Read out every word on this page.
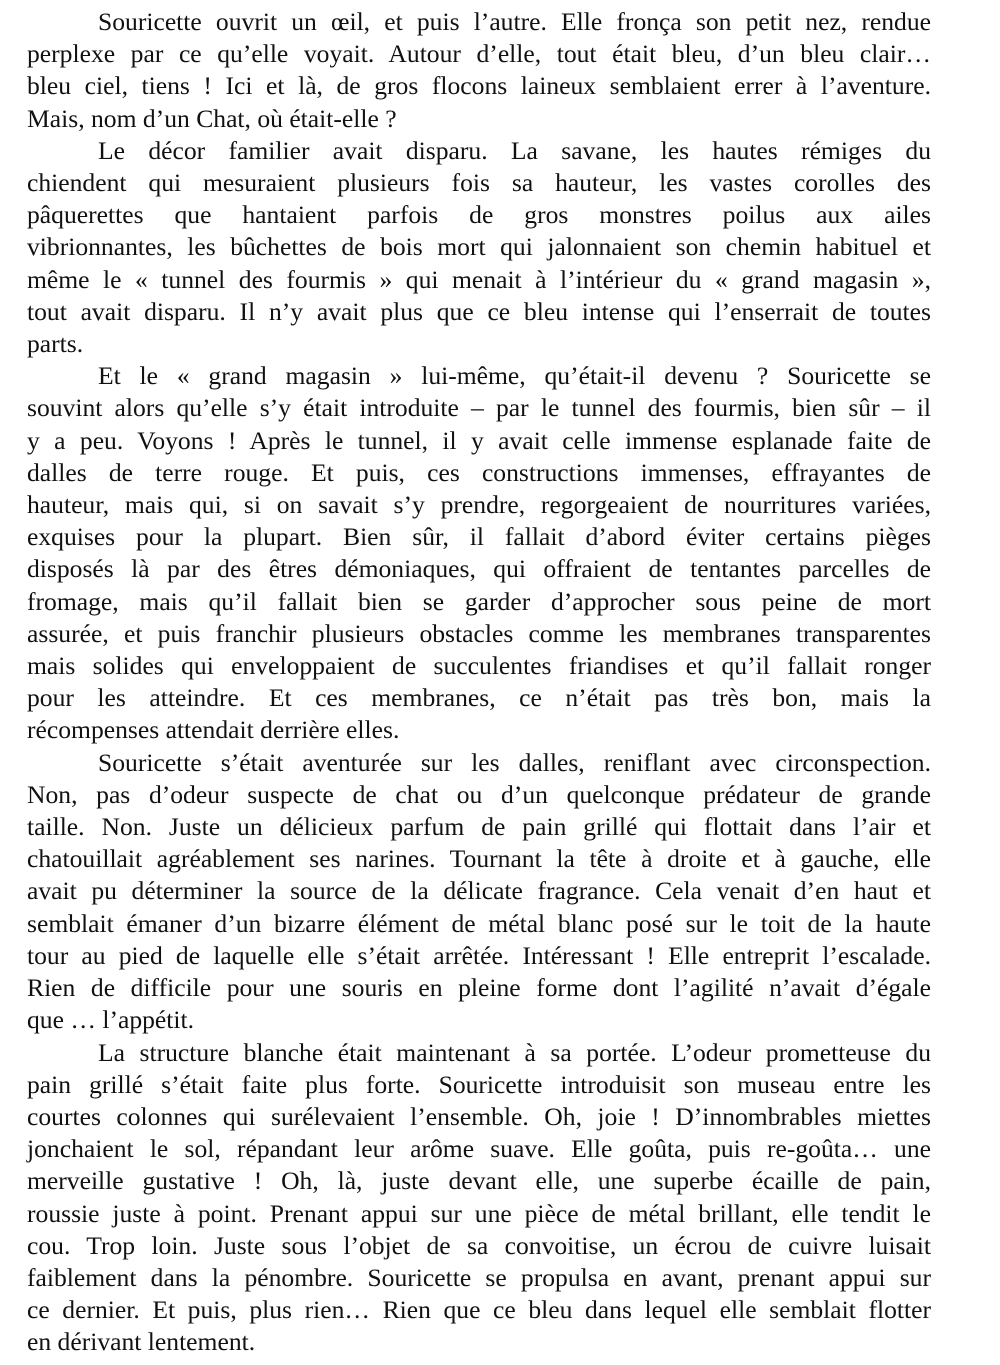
Souricette ouvrit un œil, et puis l’autre. Elle fronça son petit nez, rendue
perplexe par ce qu’elle voyait. Autour d’elle, tout était bleu, d’un bleu clair…
bleu ciel, tiens ! Ici et là, de gros flocons laineux semblaient errer à l’aventure.
Mais, nom d’un Chat, où était-elle ?
Le décor familier avait disparu. La savane, les hautes rémiges du
chiendent qui mesuraient plusieurs fois sa hauteur, les vastes corolles des
pâquerettes que hantaient parfois de gros monstres poilus aux ailes
vibrionnantes, les bûchettes de bois mort qui jalonnaient son chemin habituel et
même le « tunnel des fourmis » qui menait à l’intérieur du « grand magasin »,
tout avait disparu. Il n’y avait plus que ce bleu intense qui l’enserrait de toutes
parts.
Et le « grand magasin » lui-même, qu’était-il devenu ? Souricette se
souvint alors qu’elle s’y était introduite – par le tunnel des fourmis, bien sûr – il
y a peu. Voyons ! Après le tunnel, il y avait celle immense esplanade faite de
dalles de terre rouge. Et puis, ces constructions immenses, effrayantes de
hauteur, mais qui, si on savait s’y prendre, regorgeaient de nourritures variées,
exquises pour la plupart. Bien sûr, il fallait d’abord éviter certains pièges
disposés là par des êtres démoniaques, qui offraient de tentantes parcelles de
fromage, mais qu’il fallait bien se garder d’approcher sous peine de mort
assurée, et puis franchir plusieurs obstacles comme les membranes transparentes
mais solides qui enveloppaient de succulentes friandises et qu’il fallait ronger
pour les atteindre. Et ces membranes, ce n’était pas très bon, mais la
récompenses attendait derrière elles.
Souricette s’était aventurée sur les dalles, reniflant avec circonspection.
Non, pas d’odeur suspecte de chat ou d’un quelconque prédateur de grande
taille. Non. Juste un délicieux parfum de pain grillé qui flottait dans l’air et
chatouillait agréablement ses narines. Tournant la tête à droite et à gauche, elle
avait pu déterminer la source de la délicate fragrance. Cela venait d’en haut et
semblait émaner d’un bizarre élément de métal blanc posé sur le toit de la haute
tour au pied de laquelle elle s’était arrêtée. Intéressant ! Elle entreprit l’escalade.
Rien de difficile pour une souris en pleine forme dont l’agilité n’avait d’égale
que … l’appétit.
La structure blanche était maintenant à sa portée. L’odeur prometteuse du
pain grillé s’était faite plus forte. Souricette introduisit son museau entre les
courtes colonnes qui surélevaient l’ensemble. Oh, joie ! D’innombrables miettes
jonchaient le sol, répandant leur arôme suave. Elle goûta, puis re-goûta… une
merveille gustative ! Oh, là, juste devant elle, une superbe écaille de pain,
roussie juste à point. Prenant appui sur une pièce de métal brillant, elle tendit le
cou. Trop loin. Juste sous l’objet de sa convoitise, un écrou de cuivre luisait
faiblement dans la pénombre. Souricette se propulsa en avant, prenant appui sur
ce dernier. Et puis, plus rien… Rien que ce bleu dans lequel elle semblait flotter
en dérivant lentement.
